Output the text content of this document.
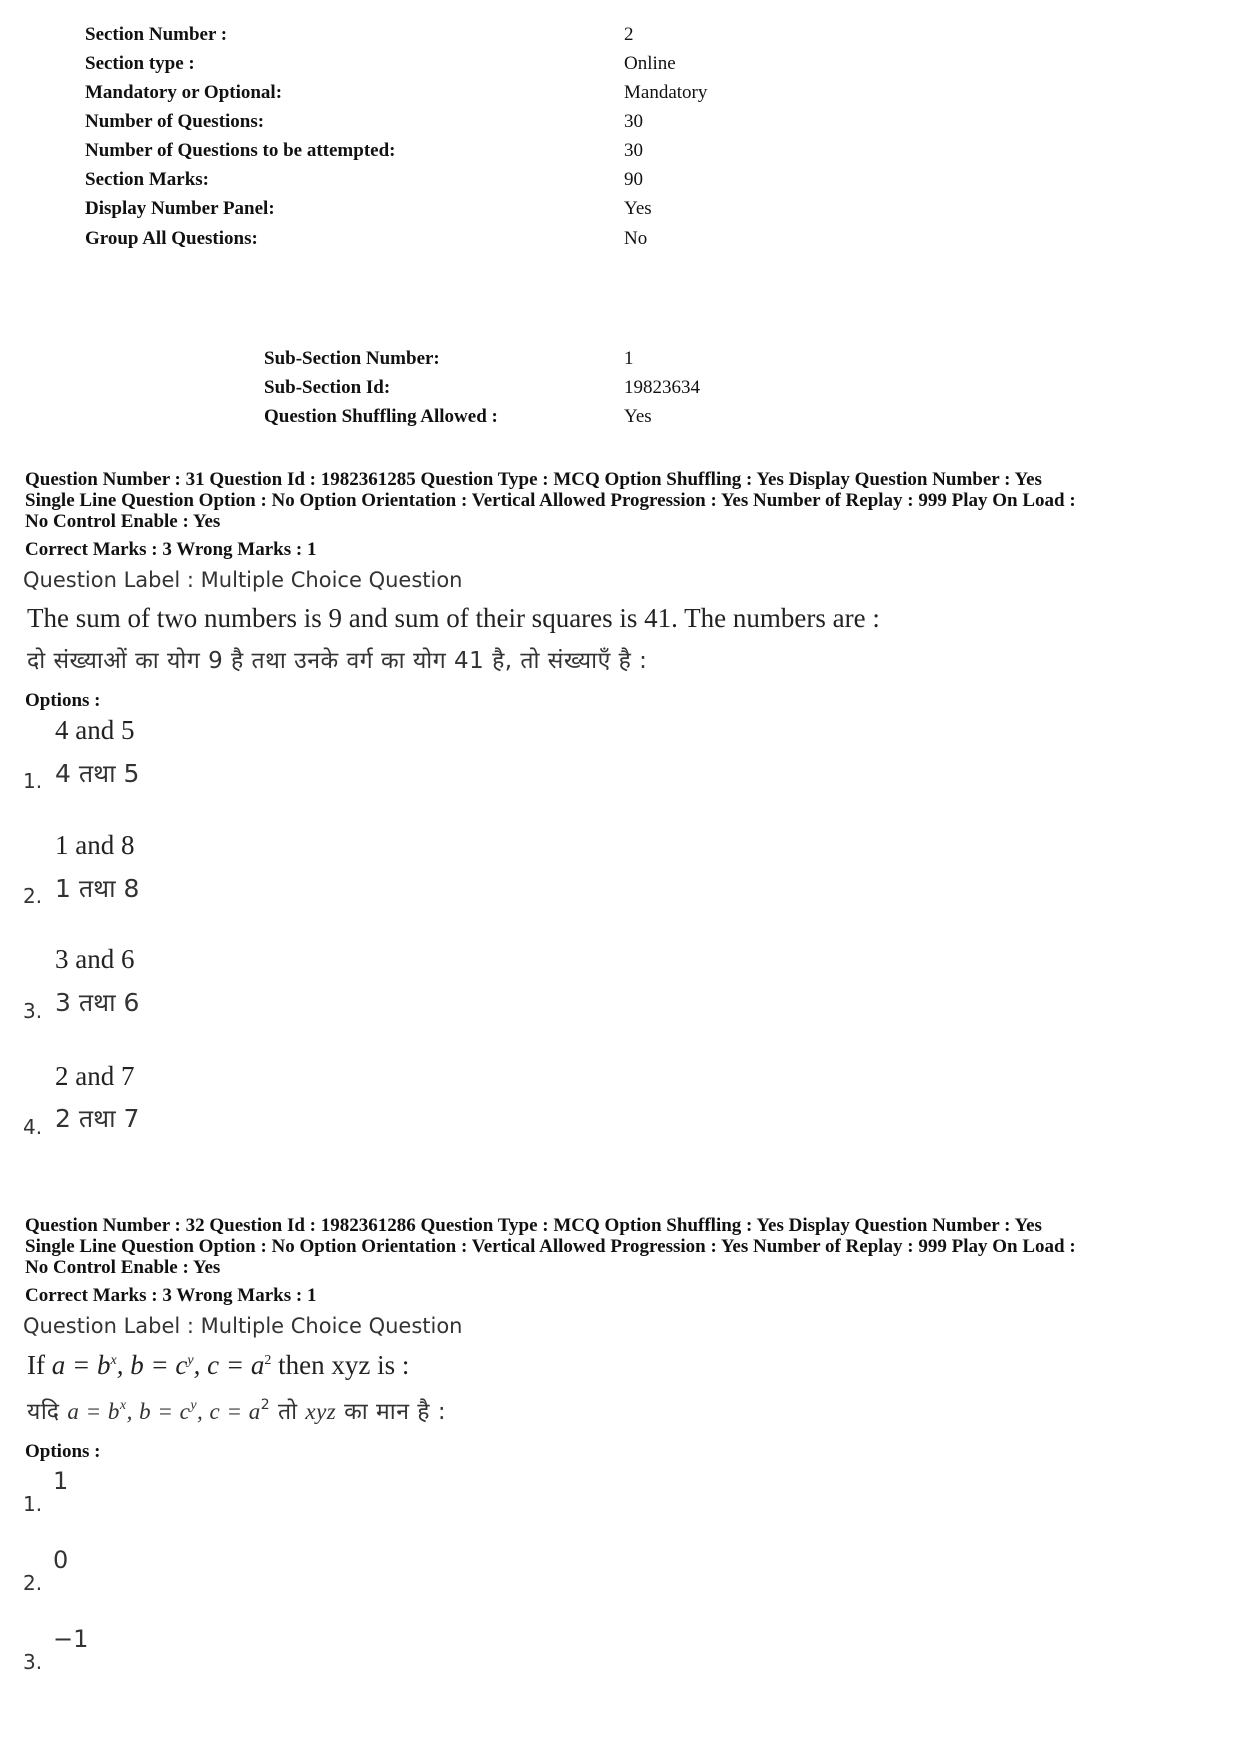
Section Number :	2
Section type :	Online
Mandatory or Optional:	Mandatory
Number of Questions:	30
Number of Questions to be attempted:	30
Section Marks:	90
Display Number Panel:	Yes
Group All Questions:	No
Sub-Section Number:	1
Sub-Section Id:	19823634
Question Shuffling Allowed :	Yes
Question Number : 31 Question Id : 1982361285 Question Type : MCQ Option Shuffling : Yes Display Question Number : Yes
Single Line Question Option : No Option Orientation : Vertical Allowed Progression : Yes Number of Replay : 999 Play On Load :
No Control Enable : Yes
Correct Marks : 3 Wrong Marks : 1
Question Label : Multiple Choice Question
The sum of two numbers is 9 and sum of their squares is 41. The numbers are :
दो संख्याओं का योग 9 है तथा उनके वर्ग का योग 41 है, तो संख्याएँ है :
Options :
4 and 5
4 तथा 5
1.
1 and 8
1 तथा 8
2.
3 and 6
3 तथा 6
3.
2 and 7
2 तथा 7
4.
Question Number : 32 Question Id : 1982361286 Question Type : MCQ Option Shuffling : Yes Display Question Number : Yes
Single Line Question Option : No Option Orientation : Vertical Allowed Progression : Yes Number of Replay : 999 Play On Load :
No Control Enable : Yes
Correct Marks : 3 Wrong Marks : 1
Question Label : Multiple Choice Question
If $a = b^x$, $b = c^y$, $c = a^2$ then xyz is :
यदि $a = b^x$, $b = c^y$, $c = a^2$ तो xyz का मान है :
Options :
1
1.
0
2.
−1
3.
